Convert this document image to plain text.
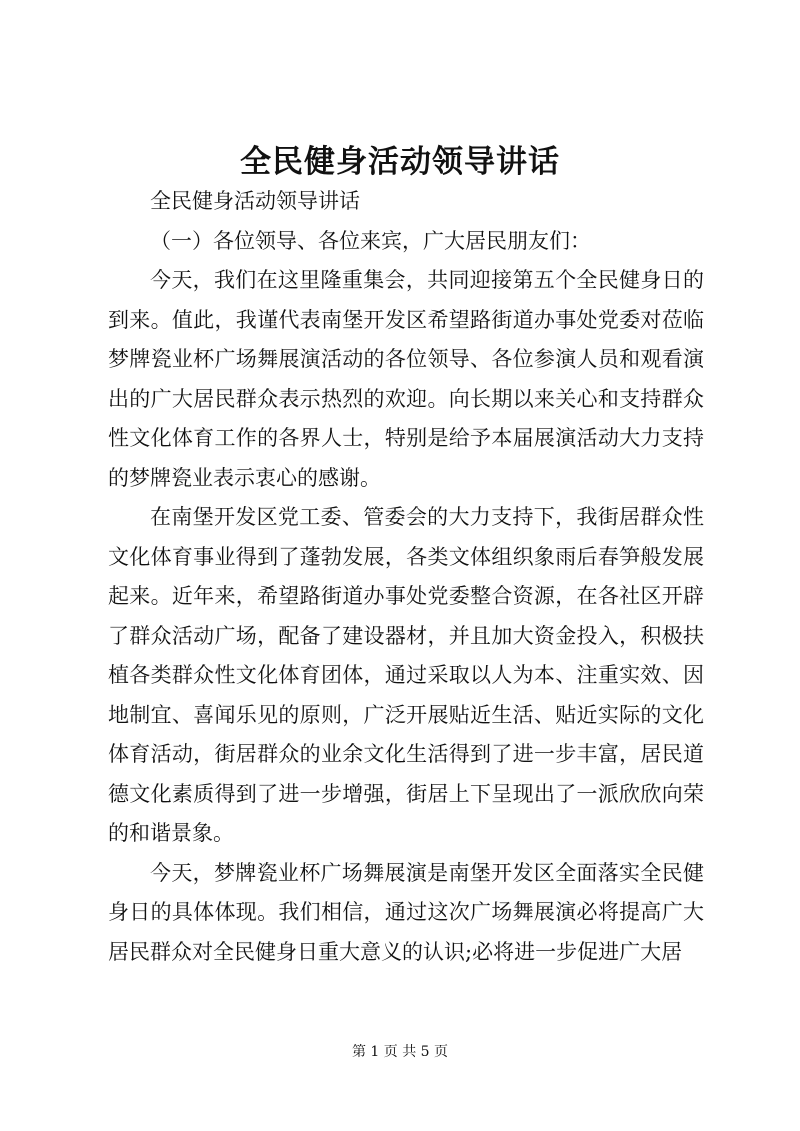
全民健身活动领导讲话

全民健身活动领导讲话

（一）各位领导、各位来宾，广大居民朋友们：

今天，我们在这里隆重集会，共同迎接第五个全民健身日的到来。值此，我谨代表南堡开发区希望路街道办事处党委对莅临梦牌瓷业杯广场舞展演活动的各位领导、各位参演人员和观看演出的广大居民群众表示热烈的欢迎。向长期以来关心和支持群众性文化体育工作的各界人士，特别是给予本届展演活动大力支持的梦牌瓷业表示衷心的感谢。

在南堡开发区党工委、管委会的大力支持下，我街居群众性文化体育事业得到了蓬勃发展，各类文体组织象雨后春笋般发展起来。近年来，希望路街道办事处党委整合资源，在各社区开辟了群众活动广场，配备了建设器材，并且加大资金投入，积极扶植各类群众性文化体育团体，通过采取以人为本、注重实效、因地制宜、喜闻乐见的原则，广泛开展贴近生活、贴近实际的文化体育活动，街居群众的业余文化生活得到了进一步丰富，居民道德文化素质得到了进一步增强，街居上下呈现出了一派欣欣向荣的和谐景象。

今天，梦牌瓷业杯广场舞展演是南堡开发区全面落实全民健身日的具体体现。我们相信，通过这次广场舞展演必将提高广大居民群众对全民健身日重大意义的认识;必将进一步促进广大居

第 1 页 共 5 页
